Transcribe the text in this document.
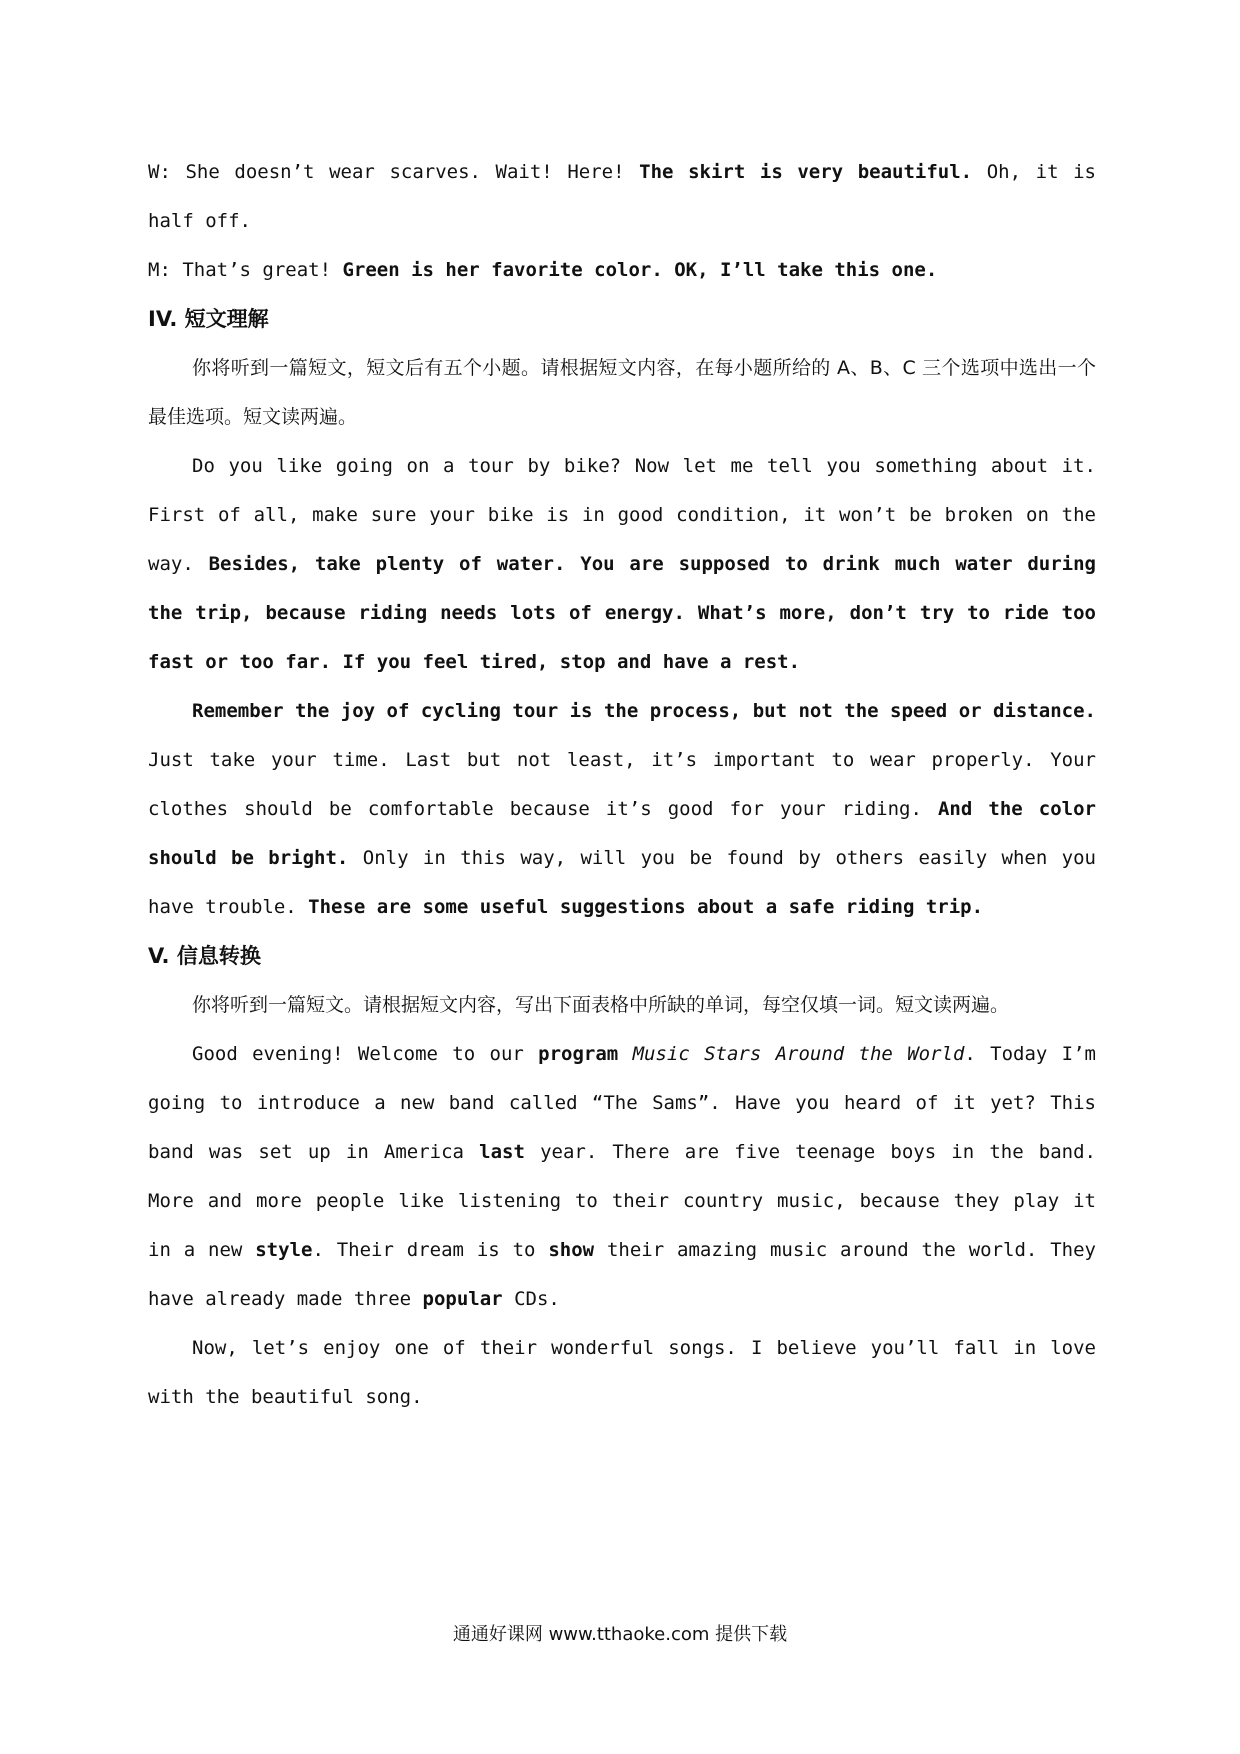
W: She doesn’t wear scarves. Wait! Here! The skirt is very beautiful. Oh, it is half off.

M: That’s great! Green is her favorite color. OK, I’ll take this one.

IV. 短文理解

你将听到一篇短文，短文后有五个小题。请根据短文内容，在每小题所给的 A、B、C 三个选项中选出一个最佳选项。短文读两遍。

Do you like going on a tour by bike? Now let me tell you something about it. First of all, make sure your bike is in good condition, it won’t be broken on the way. Besides, take plenty of water. You are supposed to drink much water during the trip, because riding needs lots of energy. What’s more, don’t try to ride too fast or too far. If you feel tired, stop and have a rest.

Remember the joy of cycling tour is the process, but not the speed or distance. Just take your time. Last but not least, it’s important to wear properly. Your clothes should be comfortable because it’s good for your riding. And the color should be bright. Only in this way, will you be found by others easily when you have trouble. These are some useful suggestions about a safe riding trip.

V. 信息转换

你将听到一篇短文。请根据短文内容，写出下面表格中所缺的单词，每空仅填一词。短文读两遍。

Good evening! Welcome to our program Music Stars Around the World. Today I’m going to introduce a new band called “The Sams”. Have you heard of it yet? This band was set up in America last year. There are five teenage boys in the band. More and more people like listening to their country music, because they play it in a new style. Their dream is to show their amazing music around the world. They have already made three popular CDs.

Now, let’s enjoy one of their wonderful songs. I believe you’ll fall in love with the beautiful song.

通通好课网 www.tthaoke.com 提供下载
